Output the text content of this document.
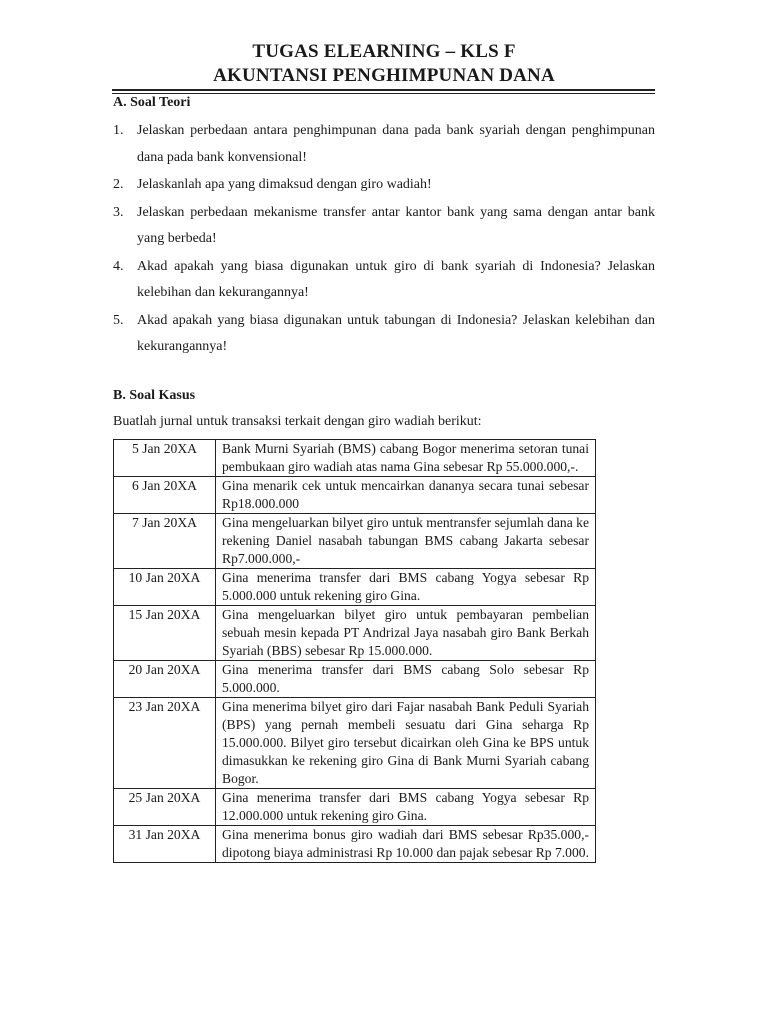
TUGAS ELEARNING – KLS F
AKUNTANSI PENGHIMPUNAN DANA
A. Soal Teori
1. Jelaskan perbedaan antara penghimpunan dana pada bank syariah dengan penghimpunan dana pada bank konvensional!
2. Jelaskanlah apa yang dimaksud dengan giro wadiah!
3. Jelaskan perbedaan mekanisme transfer antar kantor bank yang sama dengan antar bank yang berbeda!
4. Akad apakah yang biasa digunakan untuk giro di bank syariah di Indonesia? Jelaskan kelebihan dan kekurangannya!
5. Akad apakah yang biasa digunakan untuk tabungan di Indonesia? Jelaskan kelebihan dan kekurangannya!
B. Soal Kasus
Buatlah jurnal untuk transaksi terkait dengan giro wadiah berikut:
5 Jan 20XA	Bank Murni Syariah (BMS) cabang Bogor menerima setoran tunai pembukaan giro wadiah atas nama Gina sebesar Rp 55.000.000,-.
6 Jan 20XA	Gina menarik cek untuk mencairkan dananya secara tunai sebesar Rp18.000.000
7 Jan 20XA	Gina mengeluarkan bilyet giro untuk mentransfer sejumlah dana ke rekening Daniel nasabah tabungan BMS cabang Jakarta sebesar Rp7.000.000,-
10 Jan 20XA	Gina menerima transfer dari BMS cabang Yogya sebesar Rp 5.000.000 untuk rekening giro Gina.
15 Jan 20XA	Gina mengeluarkan bilyet giro untuk pembayaran pembelian sebuah mesin kepada PT Andrizal Jaya nasabah giro Bank Berkah Syariah (BBS) sebesar Rp 15.000.000.
20 Jan 20XA	Gina menerima transfer dari BMS cabang Solo sebesar Rp 5.000.000.
23 Jan 20XA	Gina menerima bilyet giro dari Fajar nasabah Bank Peduli Syariah (BPS) yang pernah membeli sesuatu dari Gina seharga Rp 15.000.000. Bilyet giro tersebut dicairkan oleh Gina ke BPS untuk dimasukkan ke rekening giro Gina di Bank Murni Syariah cabang Bogor.
25 Jan 20XA	Gina menerima transfer dari BMS cabang Yogya sebesar Rp 12.000.000 untuk rekening giro Gina.
31 Jan 20XA	Gina menerima bonus giro wadiah dari BMS sebesar Rp35.000,- dipotong biaya administrasi Rp 10.000 dan pajak sebesar Rp 7.000.
